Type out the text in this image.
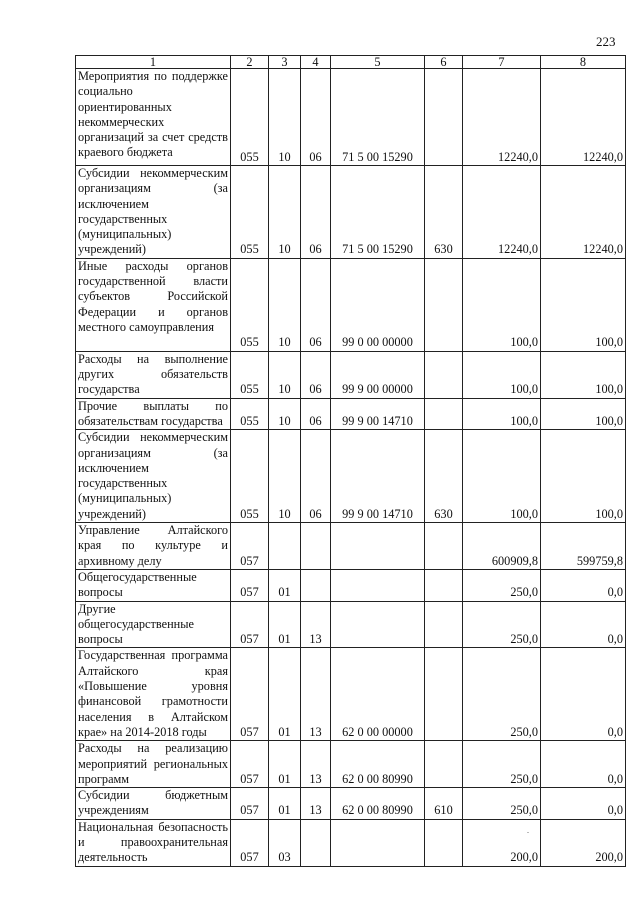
223
1	2	3	4	5	6	7	8
Мероприятия по поддержке социально ориентированных некоммерческих организаций за счет средств краевого бюджета	055	10	06	71 5 00 15290		12240,0	12240,0
Субсидии некоммерческим организациям (за исключением государственных (муниципальных) учреждений)	055	10	06	71 5 00 15290	630	12240,0	12240,0
Иные расходы органов государственной власти субъектов Российской Федерации и органов местного самоуправления	055	10	06	99 0 00 00000		100,0	100,0
Расходы на выполнение других обязательств государства	055	10	06	99 9 00 00000		100,0	100,0
Прочие выплаты по обязательствам государства	055	10	06	99 9 00 14710		100,0	100,0
Субсидии некоммерческим организациям (за исключением государственных (муниципальных) учреждений)	055	10	06	99 9 00 14710	630	100,0	100,0
Управление Алтайского края по культуре и архивному делу	057					600909,8	599759,8
Общегосударственные вопросы	057	01				250,0	0,0
Другие общегосударственные вопросы	057	01	13			250,0	0,0
Государственная программа Алтайского края «Повышение уровня финансовой грамотности населения в Алтайском крае» на 2014-2018 годы	057	01	13	62 0 00 00000		250,0	0,0
Расходы на реализацию мероприятий региональных программ	057	01	13	62 0 00 80990		250,0	0,0
Субсидии бюджетным учреждениям	057	01	13	62 0 00 80990	610	250,0	0,0
Национальная безопасность и правоохранительная деятельность	057	03				200,0	200,0
